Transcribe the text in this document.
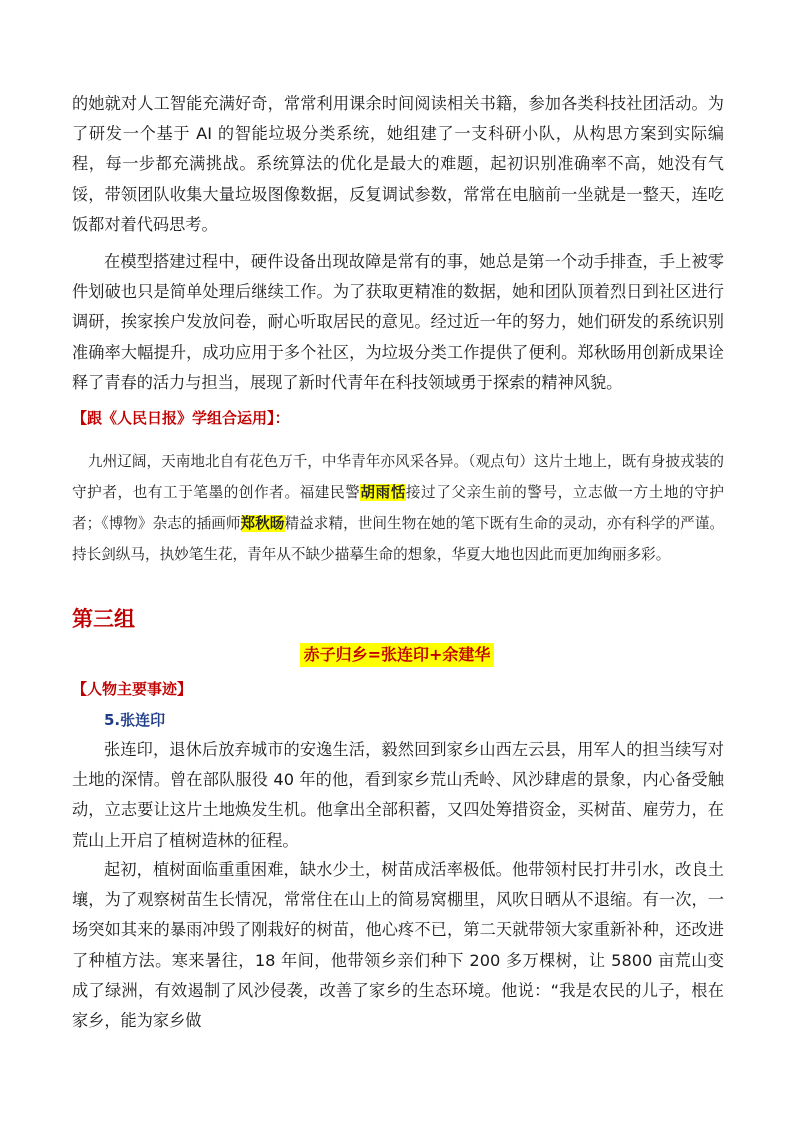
的她就对人工智能充满好奇，常常利用课余时间阅读相关书籍，参加各类科技社团活动。为了研发一个基于 AI 的智能垃圾分类系统，她组建了一支科研小队，从构思方案到实际编程，每一步都充满挑战。系统算法的优化是最大的难题，起初识别准确率不高，她没有气馁，带领团队收集大量垃圾图像数据，反复调试参数，常常在电脑前一坐就是一整天，连吃饭都对着代码思考。
在模型搭建过程中，硬件设备出现故障是常有的事，她总是第一个动手排查，手上被零件划破也只是简单处理后继续工作。为了获取更精准的数据，她和团队顶着烈日到社区进行调研，挨家挨户发放问卷，耐心听取居民的意见。经过近一年的努力，她们研发的系统识别准确率大幅提升，成功应用于多个社区，为垃圾分类工作提供了便利。郑秋旸用创新成果诠释了青春的活力与担当，展现了新时代青年在科技领域勇于探索的精神风貌。
【跟《人民日报》学组合运用】：
九州辽阔，天南地北自有花色万千，中华青年亦风采各异。（观点句）这片土地上，既有身披戎装的守护者，也有工于笔墨的创作者。福建民警胡雨恬接过了父亲生前的警号，立志做一方土地的守护者；《博物》杂志的插画师郑秋旸精益求精，世间生物在她的笔下既有生命的灵动，亦有科学的严谨。持长剑纵马，执妙笔生花，青年从不缺少描摹生命的想象，华夏大地也因此而更加绚丽多彩。
第三组
赤子归乡=张连印+余建华
【人物主要事迹】
5.张连印
张连印，退休后放弃城市的安逸生活，毅然回到家乡山西左云县，用军人的担当续写对土地的深情。曾在部队服役 40 年的他，看到家乡荒山秃岭、风沙肆虐的景象，内心备受触动，立志要让这片土地焕发生机。他拿出全部积蓄，又四处筹措资金，买树苗、雇劳力，在荒山上开启了植树造林的征程。
起初，植树面临重重困难，缺水少土，树苗成活率极低。他带领村民打井引水，改良土壤，为了观察树苗生长情况，常常住在山上的简易窝棚里，风吹日晒从不退缩。有一次，一场突如其来的暴雨冲毁了刚栽好的树苗，他心疼不已，第二天就带领大家重新补种，还改进了种植方法。寒来暑往，18 年间，他带领乡亲们种下 200 多万棵树，让 5800 亩荒山变成了绿洲，有效遏制了风沙侵袭，改善了家乡的生态环境。他说：“我是农民的儿子，根在家乡，能为家乡做
